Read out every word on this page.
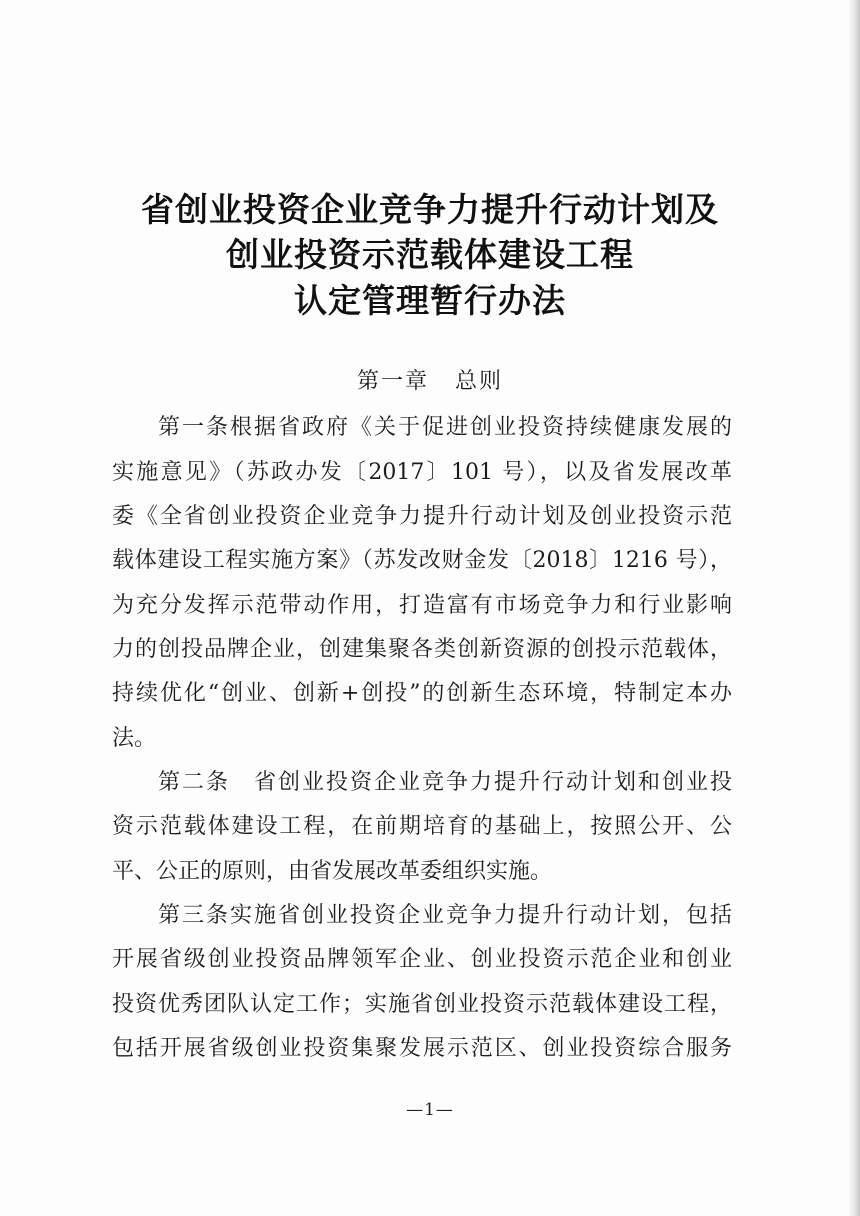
省创业投资企业竞争力提升行动计划及
创业投资示范载体建设工程
认定管理暂行办法
第一章 总则
第一条根据省政府《关于促进创业投资持续健康发展的
实施意见》（苏政办发〔2017〕101 号），以及省发展改革
委《全省创业投资企业竞争力提升行动计划及创业投资示范
载体建设工程实施方案》（苏发改财金发〔2018〕1216 号），
为充分发挥示范带动作用，打造富有市场竞争力和行业影响
力的创投品牌企业，创建集聚各类创新资源的创投示范载体，
持续优化“创业、创新+创投”的创新生态环境，特制定本办
法。
第二条　省创业投资企业竞争力提升行动计划和创业投
资示范载体建设工程，在前期培育的基础上，按照公开、公
平、公正的原则，由省发展改革委组织实施。
第三条实施省创业投资企业竞争力提升行动计划，包括
开展省级创业投资品牌领军企业、创业投资示范企业和创业
投资优秀团队认定工作；实施省创业投资示范载体建设工程，
包括开展省级创业投资集聚发展示范区、创业投资综合服务
—1—
